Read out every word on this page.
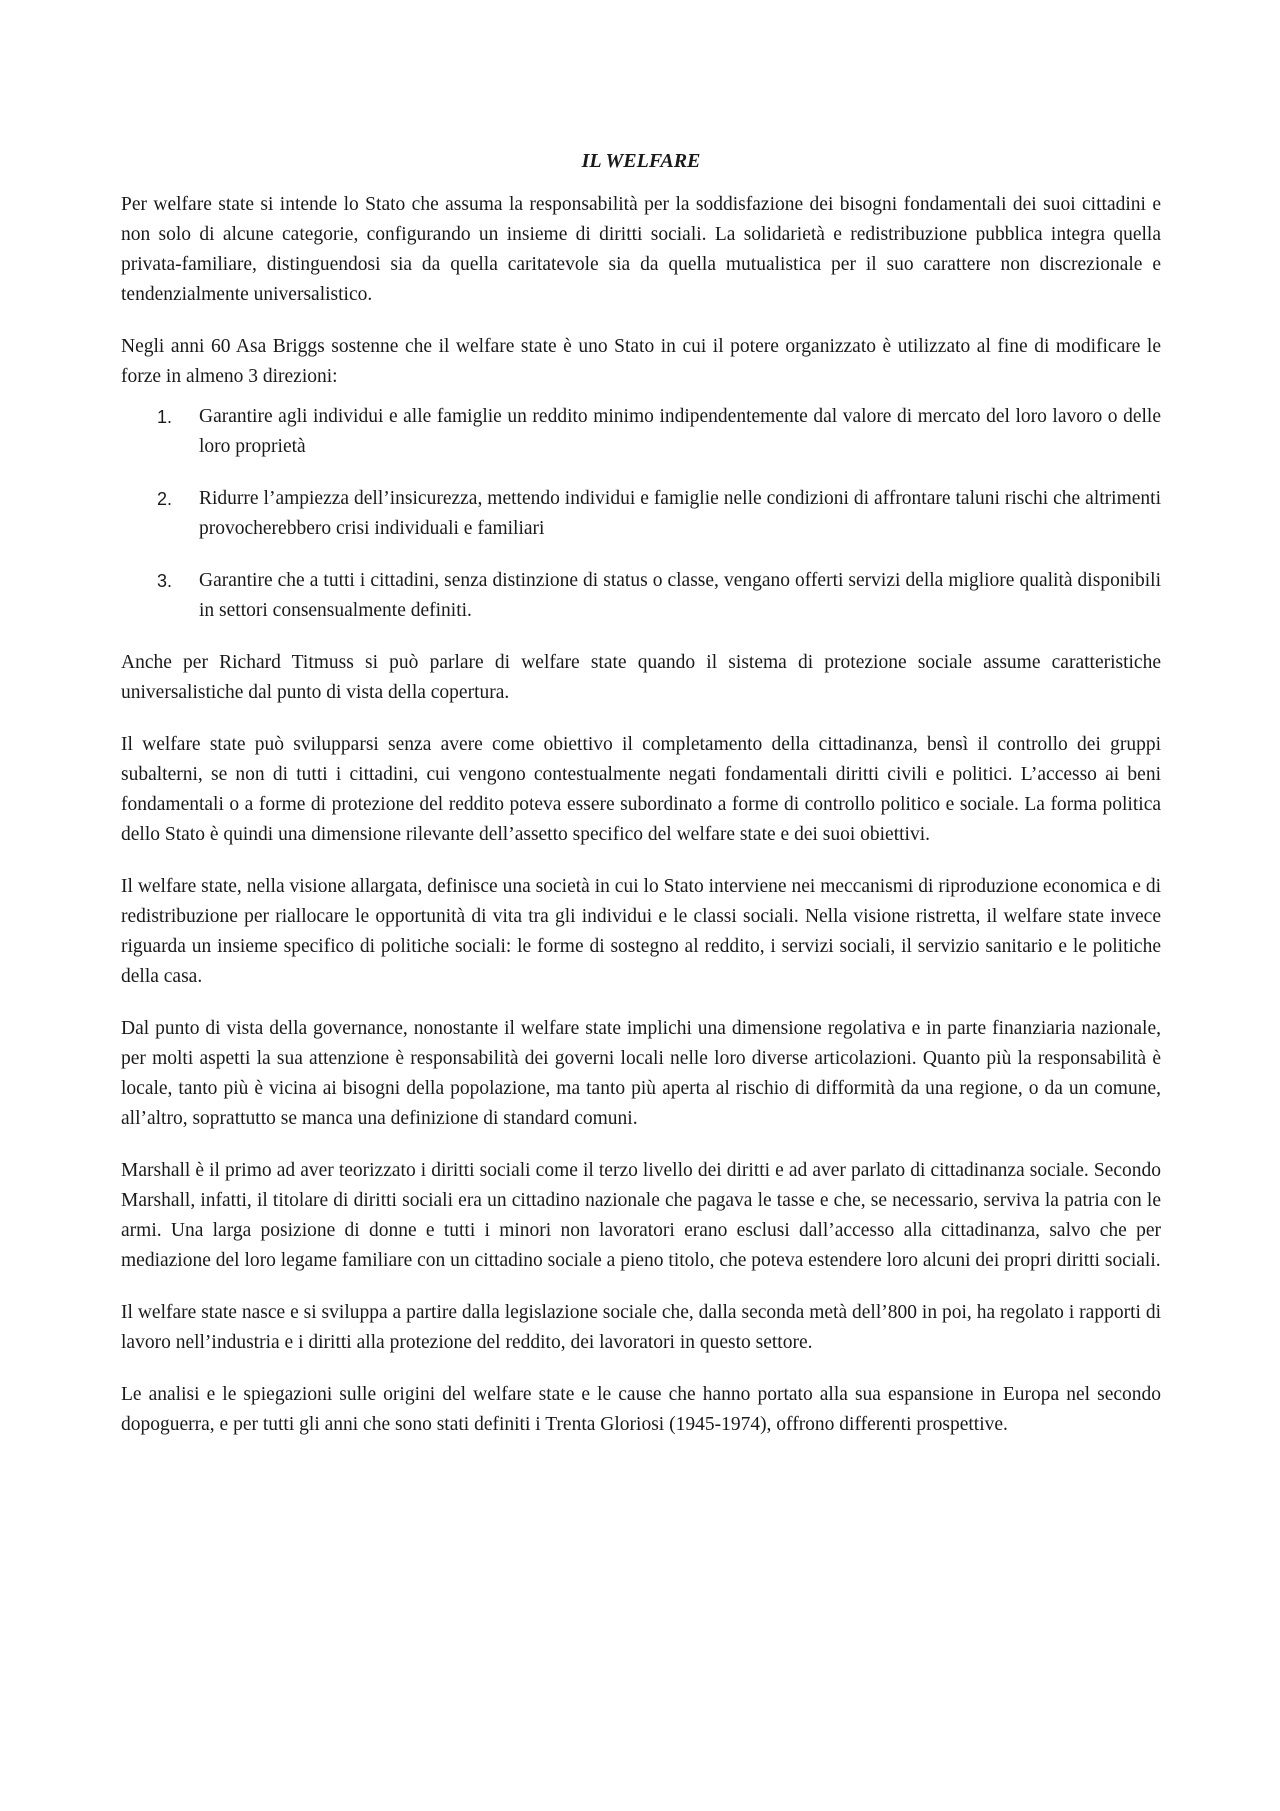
IL WELFARE

Per welfare state si intende lo Stato che assuma la responsabilità per la soddisfazione dei bisogni fondamentali dei suoi cittadini e non solo di alcune categorie, configurando un insieme di diritti sociali. La solidarietà e redistribuzione pubblica integra quella privata-familiare, distinguendosi sia da quella caritatevole sia da quella mutualistica per il suo carattere non discrezionale e tendenzialmente universalistico.

Negli anni 60 Asa Briggs sostenne che il welfare state è uno Stato in cui il potere organizzato è utilizzato al fine di modificare le forze in almeno 3 direzioni:

1.	Garantire agli individui e alle famiglie un reddito minimo indipendentemente dal valore di mercato del loro lavoro o delle loro proprietà
2.	Ridurre l’ampiezza dell’insicurezza, mettendo individui e famiglie nelle condizioni di affrontare taluni rischi che altrimenti provocherebbero crisi individuali e familiari
3.	Garantire che a tutti i cittadini, senza distinzione di status o classe, vengano offerti servizi della migliore qualità disponibili in settori consensualmente definiti.

Anche per Richard Titmuss si può parlare di welfare state quando il sistema di protezione sociale assume caratteristiche universalistiche dal punto di vista della copertura.

Il welfare state può svilupparsi senza avere come obiettivo il completamento della cittadinanza, bensì il controllo dei gruppi subalterni, se non di tutti i cittadini, cui vengono contestualmente negati fondamentali diritti civili e politici. L’accesso ai beni fondamentali o a forme di protezione del reddito poteva essere subordinato a forme di controllo politico e sociale. La forma politica dello Stato è quindi una dimensione rilevante dell’assetto specifico del welfare state e dei suoi obiettivi.

Il welfare state, nella visione allargata, definisce una società in cui lo Stato interviene nei meccanismi di riproduzione economica e di redistribuzione per riallocare le opportunità di vita tra gli individui e le classi sociali. Nella visione ristretta, il welfare state invece riguarda un insieme specifico di politiche sociali: le forme di sostegno al reddito, i servizi sociali, il servizio sanitario e le politiche della casa.

Dal punto di vista della governance, nonostante il welfare state implichi una dimensione regolativa e in parte finanziaria nazionale, per molti aspetti la sua attenzione è responsabilità dei governi locali nelle loro diverse articolazioni. Quanto più la responsabilità è locale, tanto più è vicina ai bisogni della popolazione, ma tanto più aperta al rischio di difformità da una regione, o da un comune, all’altro, soprattutto se manca una definizione di standard comuni.

Marshall è il primo ad aver teorizzato i diritti sociali come il terzo livello dei diritti e ad aver parlato di cittadinanza sociale. Secondo Marshall, infatti, il titolare di diritti sociali era un cittadino nazionale che pagava le tasse e che, se necessario, serviva la patria con le armi. Una larga posizione di donne e tutti i minori non lavoratori erano esclusi dall’accesso alla cittadinanza, salvo che per mediazione del loro legame familiare con un cittadino sociale a pieno titolo, che poteva estendere loro alcuni dei propri diritti sociali.

Il welfare state nasce e si sviluppa a partire dalla legislazione sociale che, dalla seconda metà dell’800 in poi, ha regolato i rapporti di lavoro nell’industria e i diritti alla protezione del reddito, dei lavoratori in questo settore.

Le analisi e le spiegazioni sulle origini del welfare state e le cause che hanno portato alla sua espansione in Europa nel secondo dopoguerra, e per tutti gli anni che sono stati definiti i Trenta Gloriosi (1945-1974), offrono differenti prospettive.
